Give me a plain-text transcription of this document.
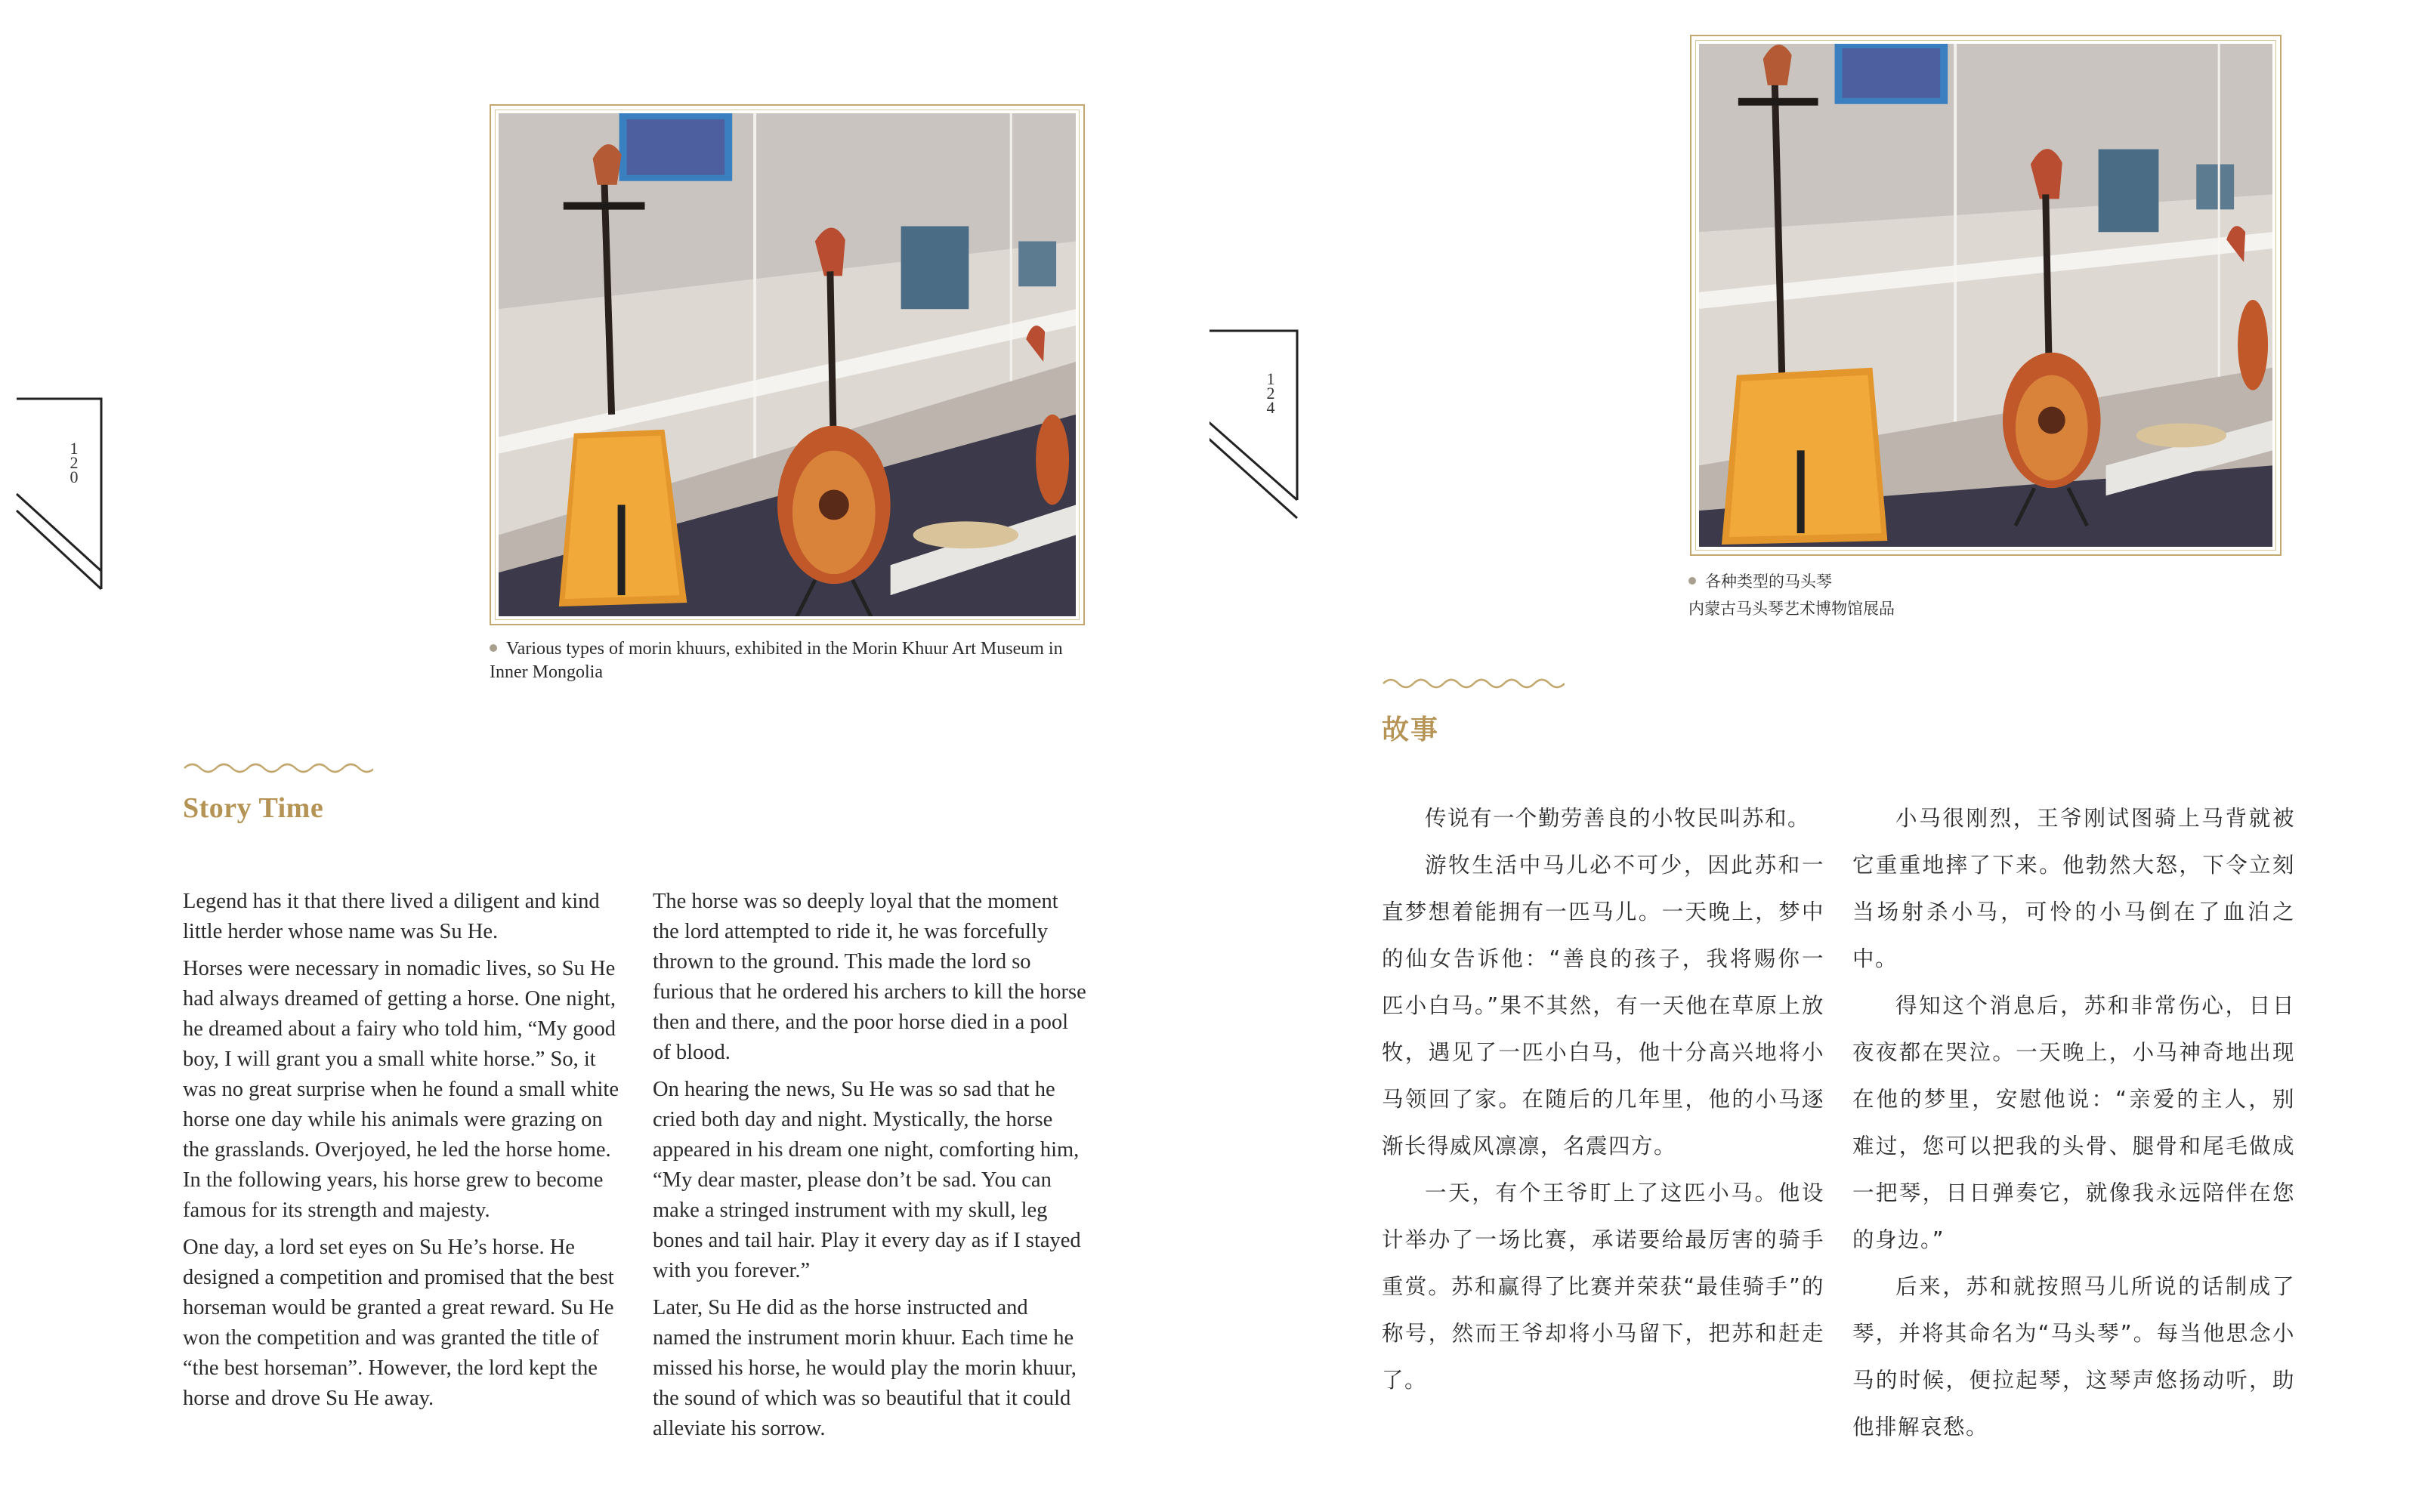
1
2
0
Various types of morin khuurs, exhibited in the Morin Khuur Art Museum in Inner Mongolia
Story Time

Legend has it that there lived a diligent and kind little herder whose name was Su He.

Horses were necessary in nomadic lives, so Su He had always dreamed of getting a horse. One night, he dreamed about a fairy who told him, “My good boy, I will grant you a small white horse.” So, it was no great surprise when he found a small white horse one day while his animals were grazing on the grasslands. Overjoyed, he led the horse home. In the following years, his horse grew to become famous for its strength and majesty.

One day, a lord set eyes on Su He’s horse. He designed a competition and promised that the best horseman would be granted a great reward. Su He won the competition and was granted the title of “the best horseman”. However, the lord kept the horse and drove Su He away.

The horse was so deeply loyal that the moment the lord attempted to ride it, he was forcefully thrown to the ground. This made the lord so furious that he ordered his archers to kill the horse then and there, and the poor horse died in a pool of blood.

On hearing the news, Su He was so sad that he cried both day and night. Mystically, the horse appeared in his dream one night, comforting him, “My dear master, please don’t be sad. You can make a stringed instrument with my skull, leg bones and tail hair. Play it every day as if I stayed with you forever.”

Later, Su He did as the horse instructed and named the instrument morin khuur. Each time he missed his horse, he would play the morin khuur, the sound of which was so beautiful that it could alleviate his sorrow.

1
2
4
各种类型的马头琴
内蒙古马头琴艺术博物馆展品
故事

传说有一个勤劳善良的小牧民叫苏和。

游牧生活中马儿必不可少，因此苏和一直梦想着能拥有一匹马儿。一天晚上，梦中的仙女告诉他：“善良的孩子，我将赐你一匹小白马。”果不其然，有一天他在草原上放牧，遇见了一匹小白马，他十分高兴地将小马领回了家。在随后的几年里，他的小马逐渐长得威风凛凛，名震四方。

一天，有个王爷盯上了这匹小马。他设计举办了一场比赛，承诺要给最厉害的骑手重赏。苏和赢得了比赛并荣获“最佳骑手”的称号，然而王爷却将小马留下，把苏和赶走了。

小马很刚烈，王爷刚试图骑上马背就被它重重地摔了下来。他勃然大怒，下令立刻当场射杀小马，可怜的小马倒在了血泊之中。

得知这个消息后，苏和非常伤心，日日夜夜都在哭泣。一天晚上，小马神奇地出现在他的梦里，安慰他说：“亲爱的主人，别难过，您可以把我的头骨、腿骨和尾毛做成一把琴，日日弹奏它，就像我永远陪伴在您的身边。”

后来，苏和就按照马儿所说的话制成了琴，并将其命名为“马头琴”。每当他思念小马的时候，便拉起琴，这琴声悠扬动听，助他排解哀愁。
